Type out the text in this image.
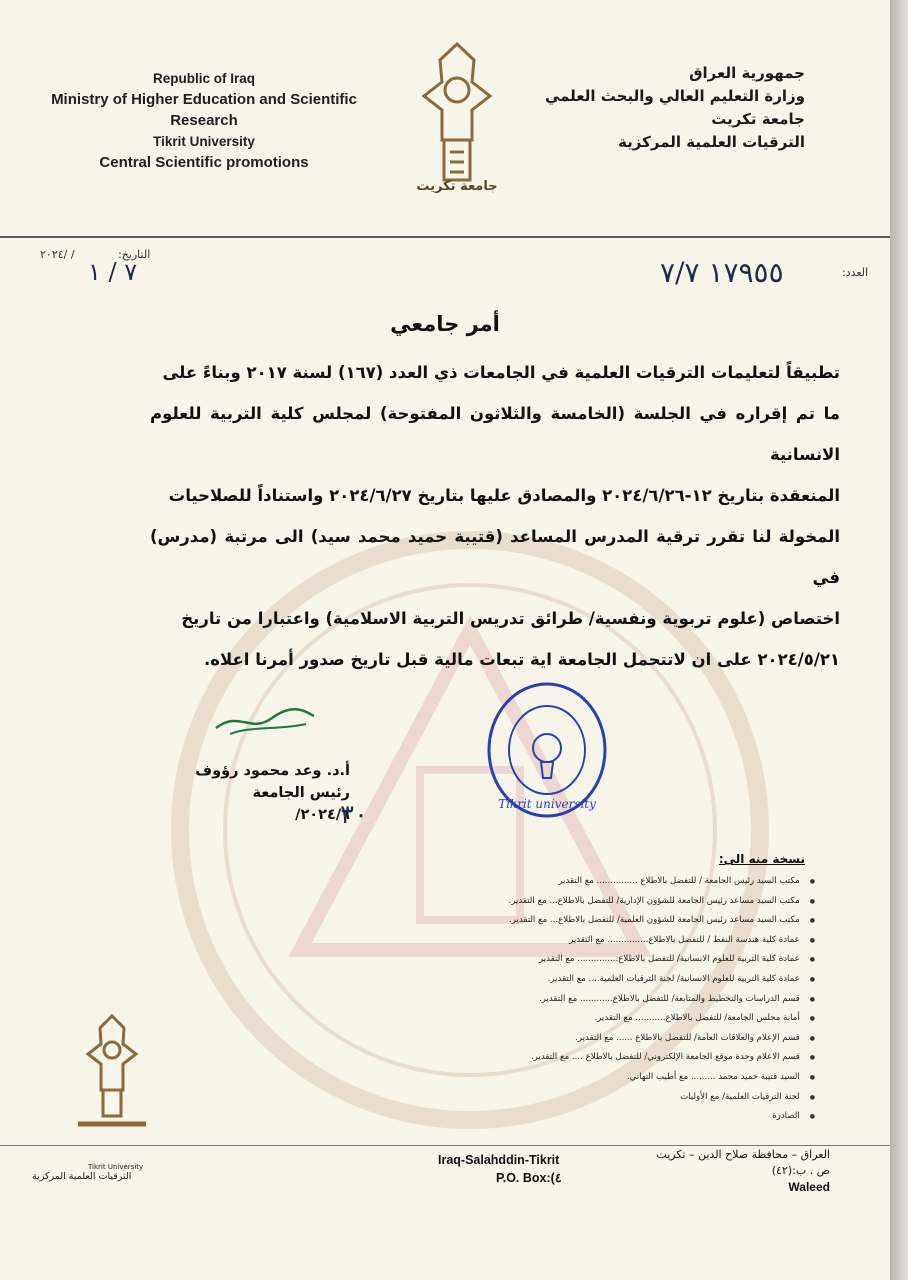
Republic of Iraq
Ministry of Higher Education and Scientific Research
Tikrit University
Central Scientific promotions
جامعة تكريت
جمهورية العراق
وزارة التعليم العالي والبحث العلمي
جامعة تكريت
الترقيات العلمية المركزية
التاريخ:
/ /٢٠٢٤
٧ / ١	العدد:
١٧٩٥٥ ٧/٧
أمر جامعي

تطبيقاً لتعليمات الترقيات العلمية في الجامعات ذي العدد (١٦٧) لسنة ٢٠١٧ وبناءً على

ما تم إقراره في الجلسة (الخامسة والثلاثون المفتوحة) لمجلس كلية التربية للعلوم الانسانية

المنعقدة بتاريخ ١٢-٢٠٢٤/٦/٢٦ والمصادق عليها بتاريخ ٢٠٢٤/٦/٢٧ واستناداً للصلاحيات

المخولة لنا تقرر ترقية المدرس المساعد (قتيبة حميد محمد سيد) الى مرتبة (مدرس) في

اختصاص (علوم تربوية ونفسية/ طرائق تدريس التربية الاسلامية) واعتبارا من تاريخ

٢٠٢٤/٥/٢١ على ان لاتتحمل الجامعة اية تبعات مالية قبل تاريخ صدور أمرنا اعلاه.

Tikrit university
أ.د. وعد محمود رؤوف
رئيس الجامعة
٢٠٢٤/٦/
٣٠
نسخة منه الى:
● مكتب السيد رئيس الجامعة / للتفضل بالاطلاع ............... مع التقدير
● مكتب السيد مساعد رئيس الجامعة للشؤون الإدارية/ للتفضل بالاطلاع... مع التقدير.
● مكتب السيد مساعد رئيس الجامعة للشؤون العلمية/ للتفضل بالاطلاع... مع التقدير.
● عمادة كلية هندسة النفط / للتفضل بالاطلاع............... مع التقدير
● عمادة كلية التربية للعلوم الانسانية/ للتفضل بالاطلاع............... مع التقدير
● عمادة كلية التربية للعلوم الانسانية/ لجنة الترقيات العلمية.... مع التقدير.
● قسم الدراسات والتخطيط والمتابعة/ للتفضل بالاطلاع............ مع التقدير.
● أمانة مجلس الجامعة/ للتفضل بالاطلاع........... مع التقدير.
● قسم الإعلام والعلاقات العامة/ للتفضل بالاطلاع ...... مع التقدير.
● قسم الاعلام وحدة موقع الجامعة الإلكتروني/ للتفضل بالاطلاع .... مع التقدير.
● السيد قتيبة حميد محمد ......... مع أطيب التهاني.
● لجنة الترقيات العلمية/ مع الأوليات
● الصادرة
Tikrit University
الترقيات العلمية المركزية
Iraq-Salahddin-Tikrit
P.O. Box:(٤
العراق – محافظة صلاح الدين – تكريت
ص . ب:(٤٢)
Waleed
